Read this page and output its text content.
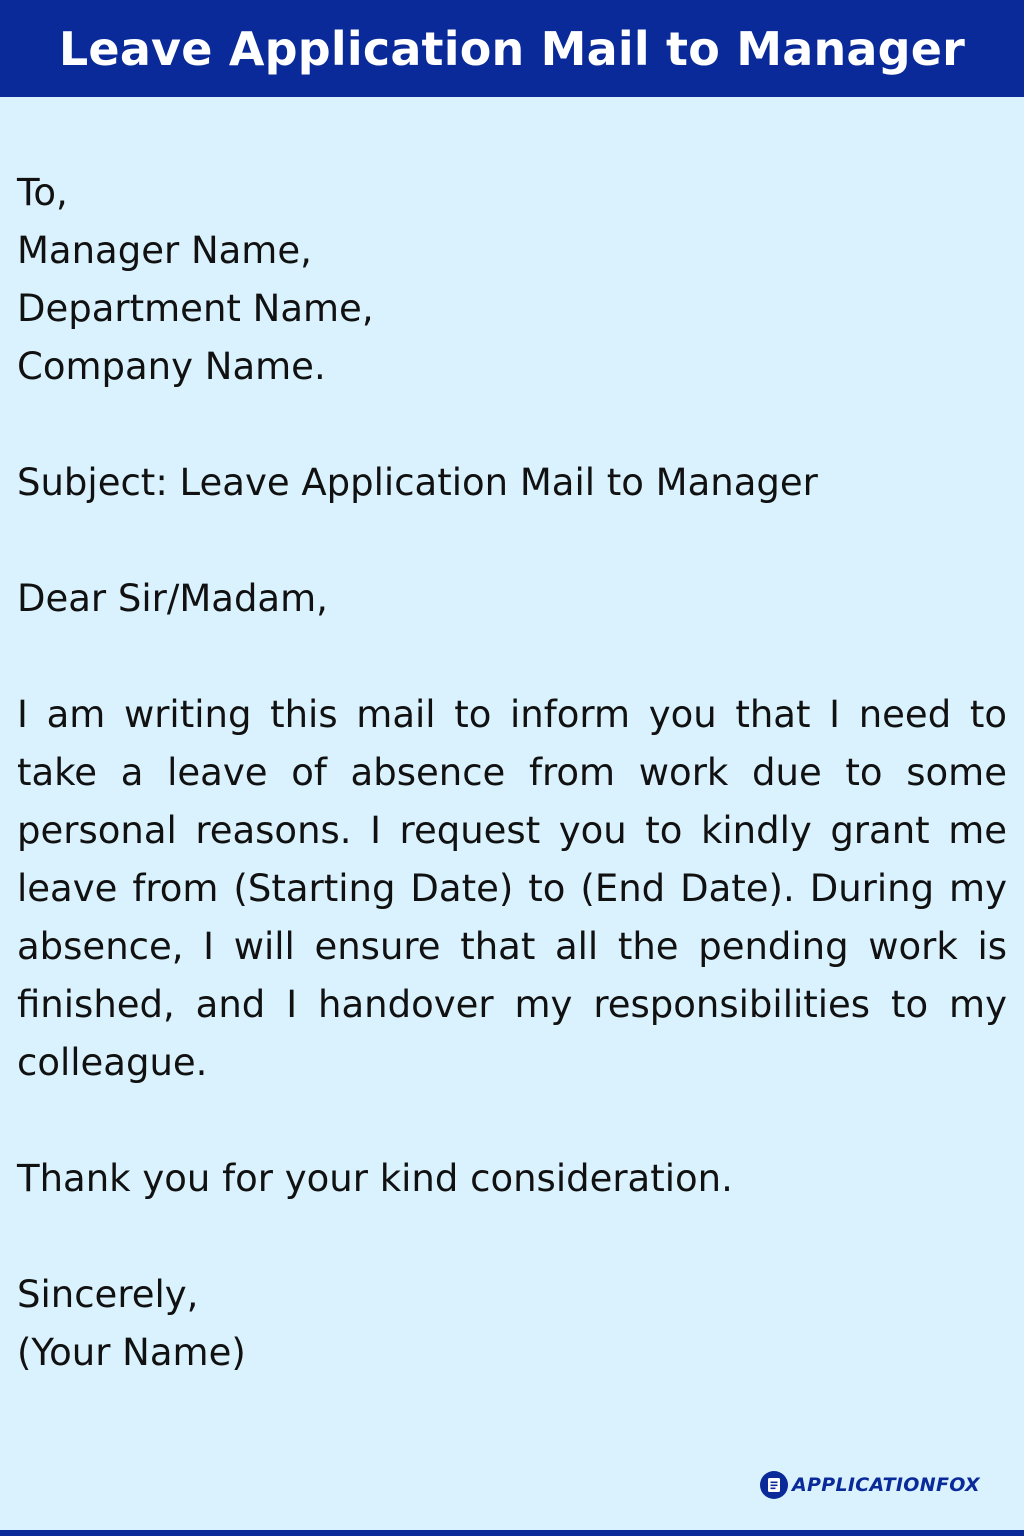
Leave Application Mail to Manager
To,
Manager Name,
Department Name,
Company Name.
Subject: Leave Application Mail to Manager
Dear Sir/Madam,
I am writing this mail to inform you that I need to take a leave of absence from work due to some personal reasons. I request you to kindly grant me leave from (Starting Date) to (End Date). During my absence, I will ensure that all the pending work is finished, and I handover my responsibilities to my colleague.
Thank you for your kind consideration.
Sincerely,
(Your Name)
APPLICATIONFOX
